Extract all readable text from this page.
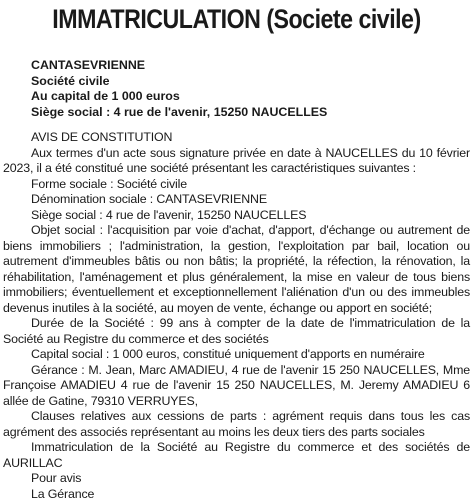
IMMATRICULATION (Societe civile)
CANTASEVRIENNE
Société civile
Au capital de 1 000 euros
Siège social : 4 rue de l'avenir, 15250 NAUCELLES

AVIS DE CONSTITUTION

Aux termes d'un acte sous signature privée en date à NAUCELLES du 10 février 2023, il a été constitué une société présentant les caractéristiques suivantes :

Forme sociale : Société civile

Dénomination sociale : CANTASEVRIENNE

Siège social : 4 rue de l'avenir, 15250 NAUCELLES

Objet social : l'acquisition par voie d'achat, d'apport, d'échange ou autrement de biens immobiliers ; l'administration, la gestion, l'exploitation par bail, location ou autrement d'immeubles bâtis ou non bâtis; la propriété, la réfection, la rénovation, la réhabilitation, l'aménagement et plus généralement, la mise en valeur de tous biens immobiliers; éventuellement et exceptionnellement l'aliénation d'un ou des immeubles devenus inutiles à la société, au moyen de vente, échange ou apport en société;

Durée de la Société : 99 ans à compter de la date de l'immatriculation de la Société au Registre du commerce et des sociétés

Capital social : 1 000 euros, constitué uniquement d'apports en numéraire

Gérance : M. Jean, Marc AMADIEU, 4 rue de l'avenir 15 250 NAUCELLES, Mme Françoise AMADIEU 4 rue de l'avenir 15 250 NAUCELLES, M. Jeremy AMADIEU 6 allée de Gatine, 79310 VERRUYES,

Clauses relatives aux cessions de parts : agrément requis dans tous les cas agrément des associés représentant au moins les deux tiers des parts sociales

Immatriculation de la Société au Registre du commerce et des sociétés de AURILLAC

Pour avis

La Gérance
